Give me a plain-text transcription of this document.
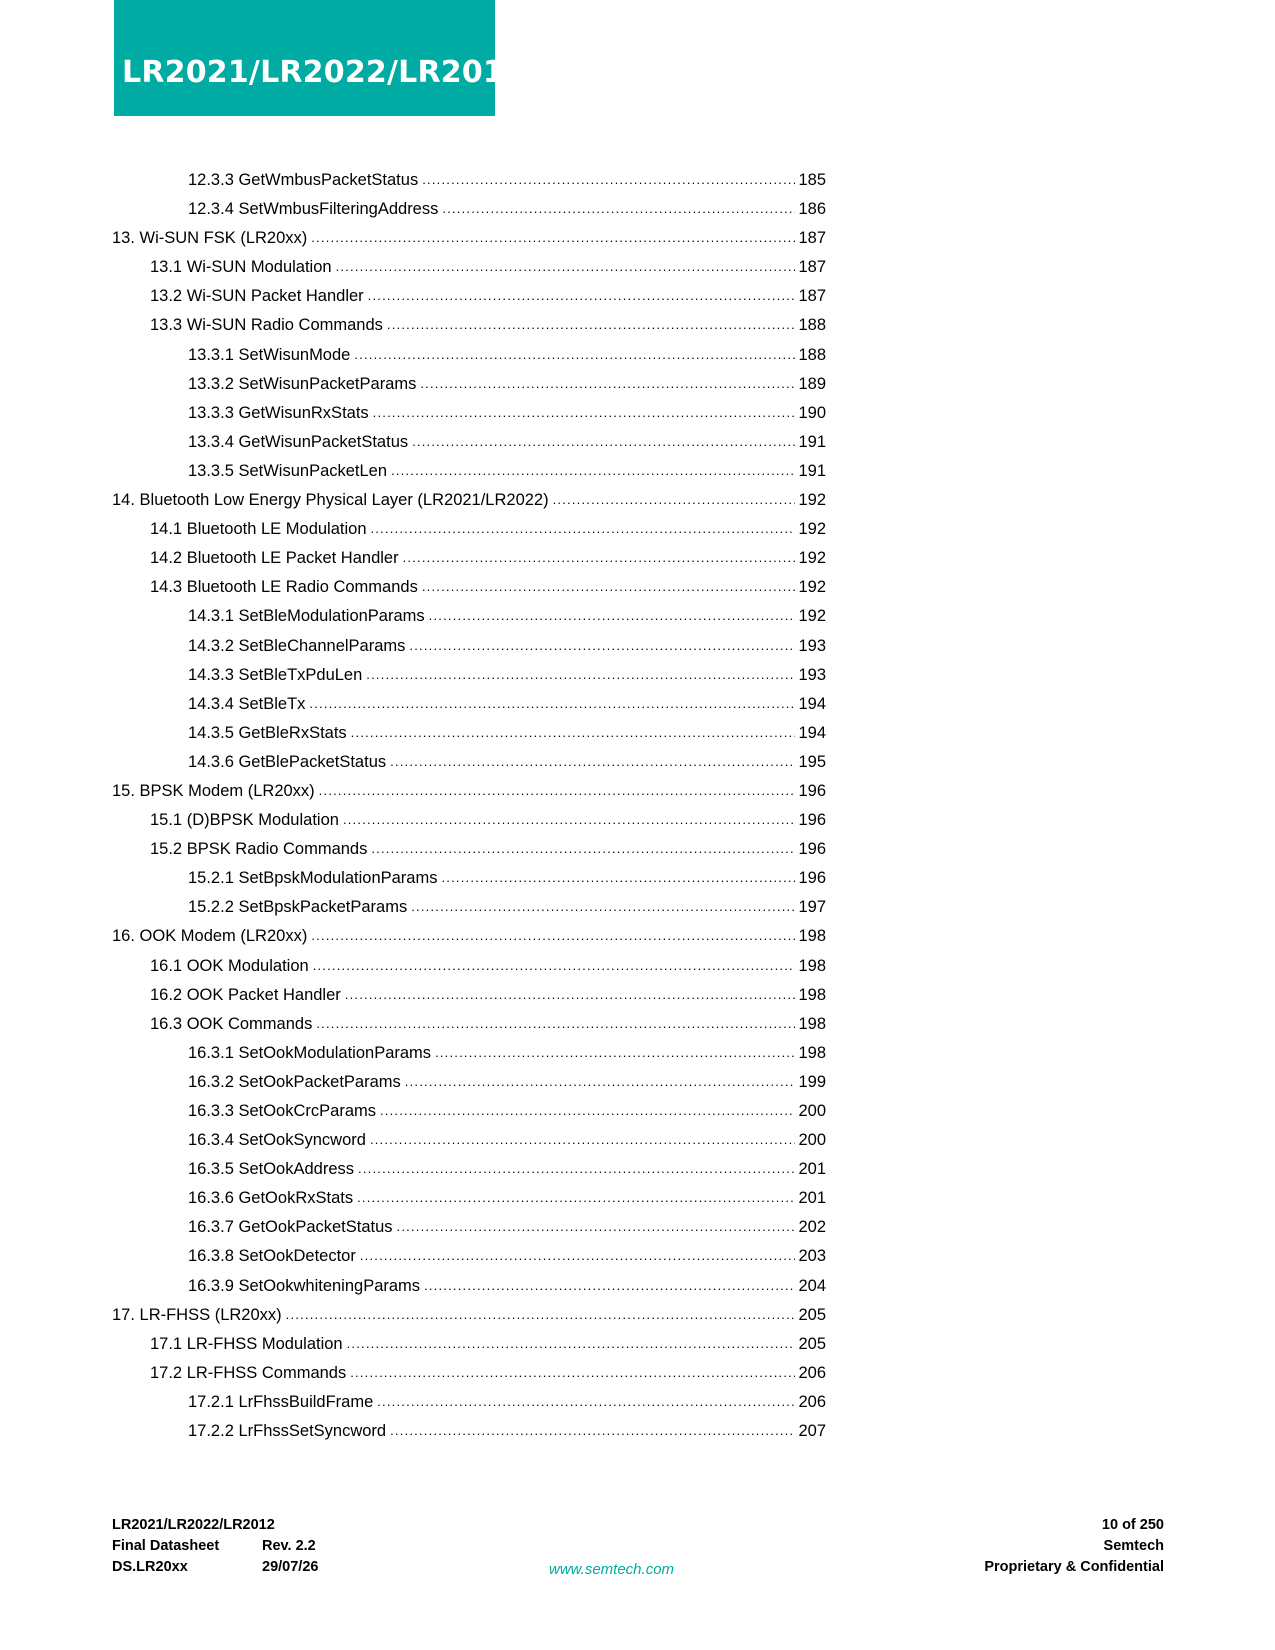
LR2021/LR2022/LR2012
12.3.3 GetWmbusPacketStatus .....	185
12.3.4 SetWmbusFilteringAddress .....	186
13. Wi-SUN FSK (LR20xx) .....	187
13.1 Wi-SUN Modulation .....	187
13.2 Wi-SUN Packet Handler .....	187
13.3 Wi-SUN Radio Commands .....	188
13.3.1 SetWisunMode .....	188
13.3.2 SetWisunPacketParams .....	189
13.3.3 GetWisunRxStats .....	190
13.3.4 GetWisunPacketStatus .....	191
13.3.5 SetWisunPacketLen .....	191
14. Bluetooth Low Energy Physical Layer (LR2021/LR2022) .....	192
14.1 Bluetooth LE Modulation .....	192
14.2 Bluetooth LE Packet Handler .....	192
14.3 Bluetooth LE Radio Commands .....	192
14.3.1 SetBleModulationParams .....	192
14.3.2 SetBleChannelParams .....	193
14.3.3 SetBleTxPduLen .....	193
14.3.4 SetBleTx .....	194
14.3.5 GetBleRxStats .....	194
14.3.6 GetBlePacketStatus .....	195
15. BPSK Modem (LR20xx) .....	196
15.1 (D)BPSK Modulation .....	196
15.2 BPSK Radio Commands .....	196
15.2.1 SetBpskModulationParams .....	196
15.2.2 SetBpskPacketParams .....	197
16. OOK Modem (LR20xx) .....	198
16.1 OOK Modulation .....	198
16.2 OOK Packet Handler .....	198
16.3 OOK Commands .....	198
16.3.1 SetOokModulationParams .....	198
16.3.2 SetOokPacketParams .....	199
16.3.3 SetOokCrcParams .....	200
16.3.4 SetOokSyncword .....	200
16.3.5 SetOokAddress .....	201
16.3.6 GetOokRxStats .....	201
16.3.7 GetOokPacketStatus .....	202
16.3.8 SetOokDetector .....	203
16.3.9 SetOokwhiteningParams .....	204
17. LR-FHSS (LR20xx) .....	205
17.1 LR-FHSS Modulation .....	205
17.2 LR-FHSS Commands .....	206
17.2.1 LrFhssBuildFrame .....	206
17.2.2 LrFhssSetSyncword .....	207
LR2021/LR2022/LR2012
Final Datasheet	Rev. 2.2
DS.LR20xx	29/07/26	www.semtech.com
10 of 250
Semtech
Proprietary & Confidential
